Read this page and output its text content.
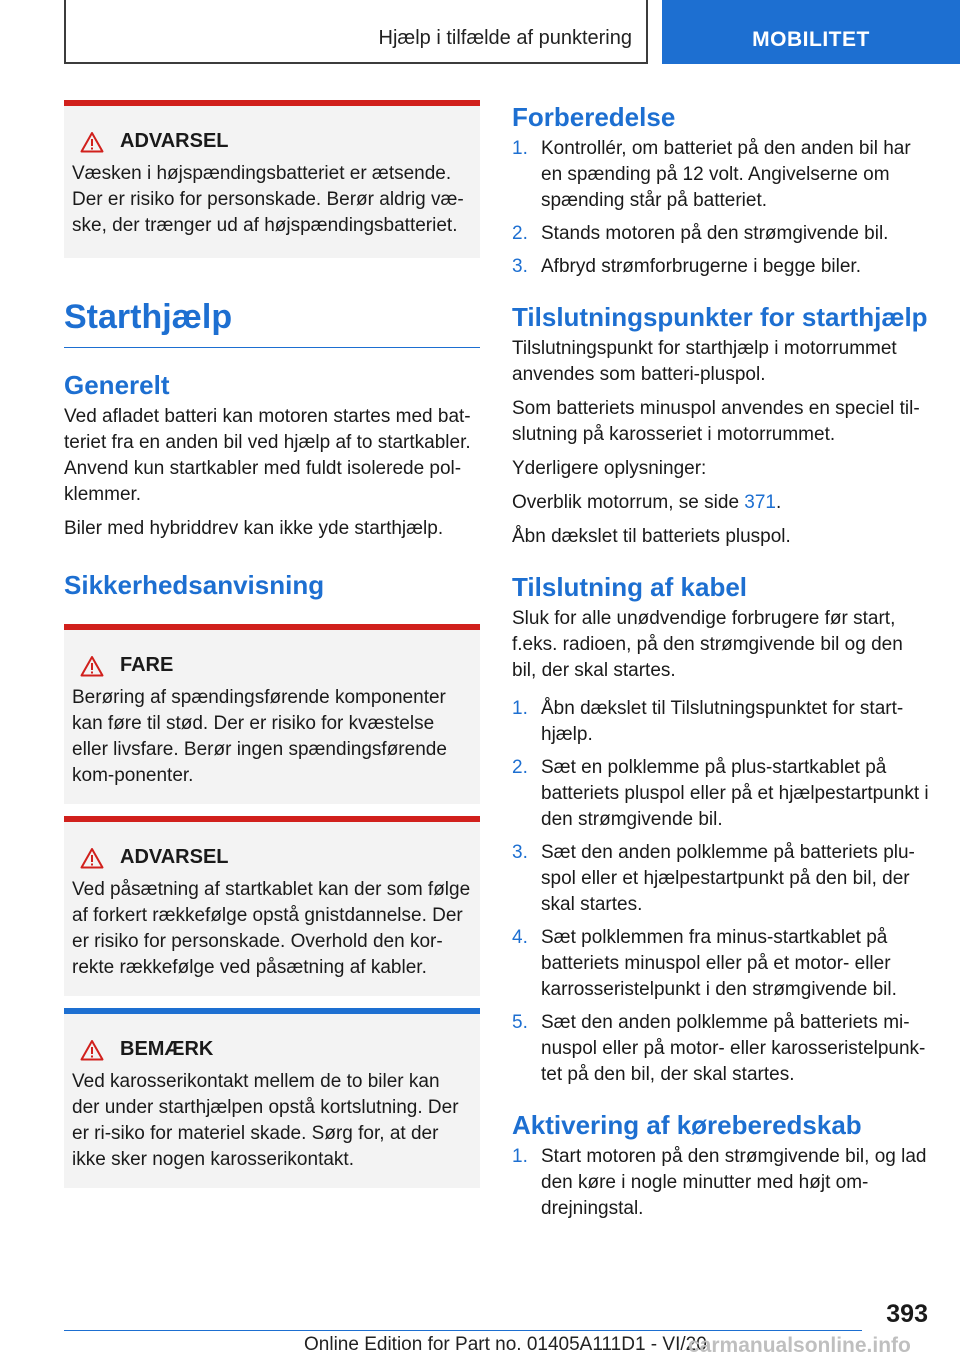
Hjælp i tilfælde af punktering	MOBILITET
ADVARSEL
Væsken i højspændingsbatteriet er ætsende. Der er risiko for personskade. Berør aldrig væ-ske, der trænger ud af højspændingsbatteriet.
Starthjælp
Generelt

Ved afladet batteri kan motoren startes med bat-teriet fra en anden bil ved hjælp af to startkabler. Anvend kun startkabler med fuldt isolerede pol-klemmer.

Biler med hybriddrev kan ikke yde starthjælp.

Sikkerhedsanvisning
FARE
Berøring af spændingsførende komponenter kan føre til stød. Der er risiko for kvæstelse eller livsfare. Berør ingen spændingsførende kom-ponenter.
ADVARSEL
Ved påsætning af startkablet kan der som følge af forkert rækkefølge opstå gnistdannelse. Der er risiko for personskade. Overhold den kor-rekte rækkefølge ved påsætning af kabler.
BEMÆRK
Ved karosserikontakt mellem de to biler kan der under starthjælpen opstå kortslutning. Der er ri-siko for materiel skade. Sørg for, at der ikke sker nogen karosserikontakt.
Forberedelse
1. Kontrollér, om batteriet på den anden bil har en spænding på 12 volt. Angivelserne om spænding står på batteriet.
2. Stands motoren på den strømgivende bil.
3. Afbryd strømforbrugerne i begge biler.
Tilslutningspunkter for starthjælp

Tilslutningspunkt for starthjælp i motorrummet anvendes som batteri-pluspol.

Som batteriets minuspol anvendes en speciel til-slutning på karosseriet i motorrummet.

Yderligere oplysninger:

Overblik motorrum, se side 371.

Åbn dækslet til batteriets pluspol.

Tilslutning af kabel

Sluk for alle unødvendige forbrugere før start, f.eks. radioen, på den strømgivende bil og den bil, der skal startes.

1. Åbn dækslet til Tilslutningspunktet for start-hjælp.
2. Sæt en polklemme på plus-startkablet på batteriets pluspol eller på et hjælpestartpunkt i den strømgivende bil.
3. Sæt den anden polklemme på batteriets plu-spol eller et hjælpestartpunkt på den bil, der skal startes.
4. Sæt polklemmen fra minus-startkablet på batteriets minuspol eller på et motor- eller karrosseristelpunkt i den strømgivende bil.
5. Sæt den anden polklemme på batteriets mi-nuspol eller på motor- eller karosseristelpunk-tet på den bil, der skal startes.
Aktivering af køreberedskab
1. Start motoren på den strømgivende bil, og lad den køre i nogle minutter med højt om-drejningstal.
393
Online Edition for Part no. 01405A111D1 - VI/20
carmanualsonline.info
